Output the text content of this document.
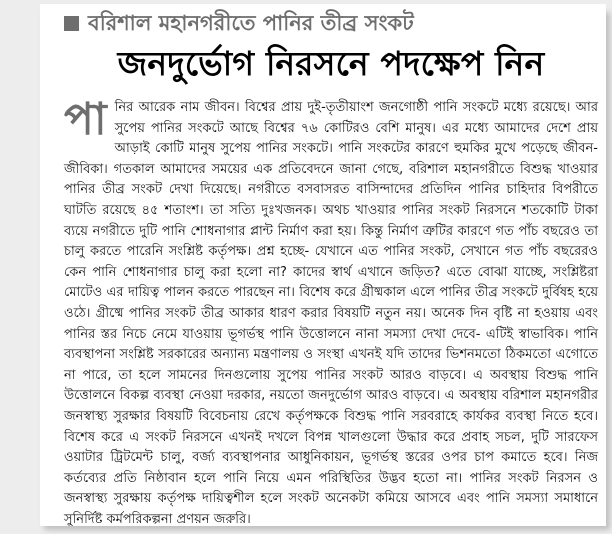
বরিশাল মহানগরীতে পানির তীব্র সংকট
জনদুর্ভোগ নিরসনে পদক্ষেপ নিন

পানির আরেক নাম জীবন। বিশ্বের প্রায় দুই-তৃতীয়াংশ জনগোষ্ঠী পানি সংকটে মধ্যে রয়েছে। আর সুপেয় পানির সংকটে আছে বিশ্বের ৭৬ কোটিরও বেশি মানুষ। এর মধ্যে আমাদের দেশে প্রায় আড়াই কোটি মানুষ সুপেয় পানির সংকটে। পানি সংকটের কারণে হুমকির মুখে পড়েছে জীবন-জীবিকা। গতকাল আমাদের সময়ের এক প্রতিবেদনে জানা গেছে, বরিশাল মহানগরীতে বিশুদ্ধ খাওয়ার পানির তীব্র সংকট দেখা দিয়েছে। নগরীতে বসবাসরত বাসিন্দাদের প্রতিদিন পানির চাহিদার বিপরীতে ঘাটতি রয়েছে ৪৫ শতাংশ। তা সত্যি দুঃখজনক। অথচ খাওয়ার পানির সংকট নিরসনে শতকোটি টাকা ব্যয়ে নগরীতে দুটি পানি শোধনাগার প্লান্ট নির্মাণ করা হয়। কিন্তু নির্মাণ ত্রুটির কারণে গত পাঁচ বছরেও তা চালু করতে পারেনি সংশ্লিষ্ট কর্তৃপক্ষ। প্রশ্ন হচ্ছে- যেখানে এত পানির সংকট, সেখানে গত পাঁচ বছরেরও কেন পানি শোধনাগার চালু করা হলো না? কাদের স্বার্থ এখানে জড়িত? এতে বোঝা যাচ্ছে, সংশ্লিষ্টরা মোটেও এর দায়িত্ব পালন করতে পারছেন না। বিশেষ করে গ্রীষ্মকাল এলে পানির তীব্র সংকটে দুর্বিষহ হয়ে ওঠে। গ্রীষ্মে পানির সংকট তীব্র আকার ধারণ করার বিষয়টি নতুন নয়। অনেক দিন বৃষ্টি না হওয়ায় এবং পানির স্তর নিচে নেমে যাওয়ায় ভূগর্ভস্থ পানি উত্তোলনে নানা সমস্যা দেখা দেবে- এটিই স্বাভাবিক। পানি ব্যবস্থাপনা সংশ্লিষ্ট সরকারের অন্যান্য মন্ত্রণালয় ও সংস্থা এখনই যদি তাদের ভিশনমতো ঠিকমতো এগোতে না পারে, তা হলে সামনের দিনগুলোয় সুপেয় পানির সংকট আরও বাড়বে। এ অবস্থায় বিশুদ্ধ পানি উত্তোলনে বিকল্প ব্যবস্থা নেওয়া দরকার, নয়তো জনদুর্ভোগ আরও বাড়বে। এ অবস্থায় বরিশাল মহানগরীর জনস্বাস্থ্য সুরক্ষার বিষয়টি বিবেচনায় রেখে কর্তৃপক্ষকে বিশুদ্ধ পানি সরবরাহে কার্যকর ব্যবস্থা নিতে হবে। বিশেষ করে এ সংকট নিরসনে এখনই দখলে বিপন্ন খালগুলো উদ্ধার করে প্রবাহ সচল, দুটি সারফেস ওয়াটার ট্রিটমেন্ট চালু, বর্জ্য ব্যবস্থাপনার আধুনিকায়ন, ভূগর্ভস্থ স্তরের ওপর চাপ কমাতে হবে। নিজ কর্তব্যের প্রতি নিষ্ঠাবান হলে পানি নিয়ে এমন পরিস্থিতির উদ্ভব হতো না। পানির সংকট নিরসন ও জনস্বাস্থ্য সুরক্ষায় কর্তৃপক্ষ দায়িত্বশীল হলে সংকট অনেকটা কমিয়ে আসবে এবং পানি সমস্যা সমাধানে সুনির্দিষ্ট কর্মপরিকল্পনা প্রণয়ন জরুরি।
